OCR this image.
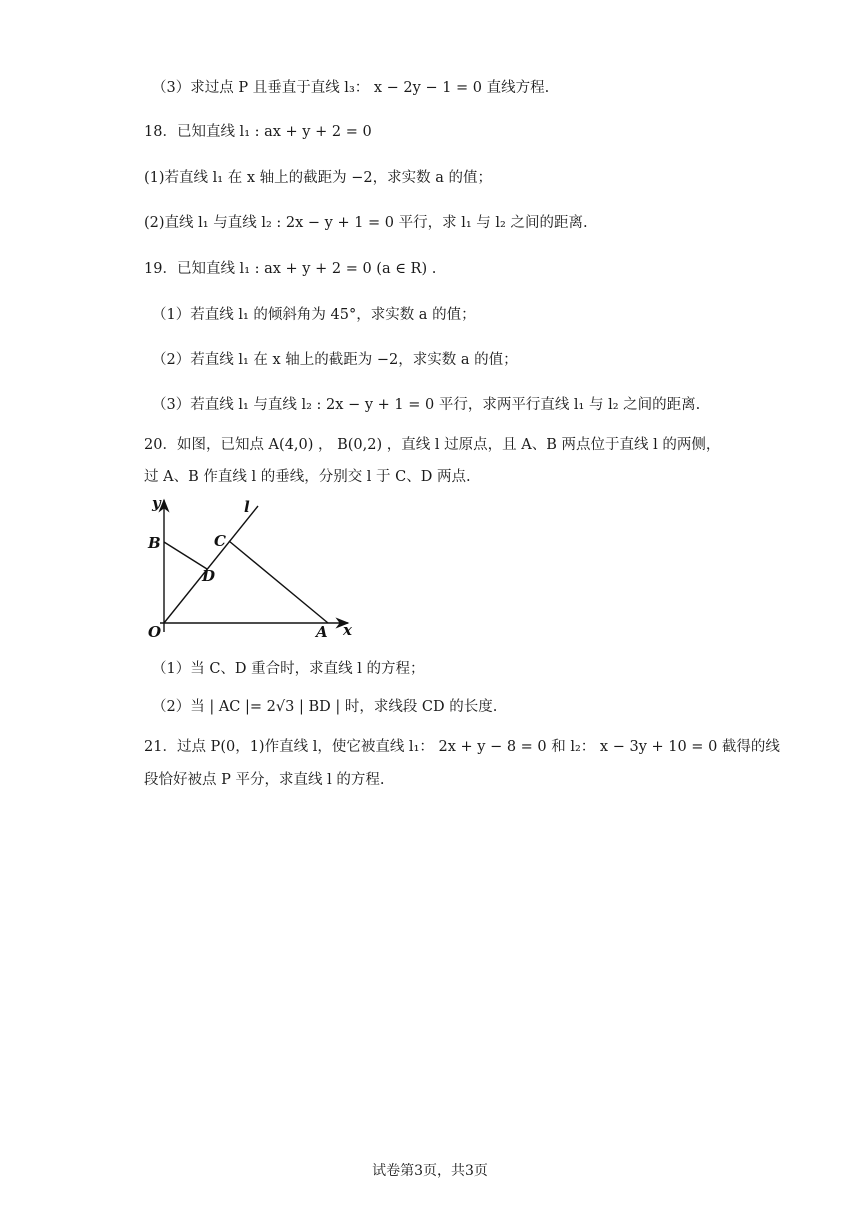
（3）求过点 P 且垂直于直线 l₃： x − 2y − 1 = 0 直线方程.
18．已知直线 l₁ : ax + y + 2 = 0
(1)若直线 l₁ 在 x 轴上的截距为 −2，求实数 a 的值；
(2)直线 l₁ 与直线 l₂ : 2x − y + 1 = 0 平行，求 l₁ 与 l₂ 之间的距离.
19．已知直线 l₁ : ax + y + 2 = 0 (a ∈ R) .
（1）若直线 l₁ 的倾斜角为 45°，求实数 a 的值；
（2）若直线 l₁ 在 x 轴上的截距为 −2，求实数 a 的值；
（3）若直线 l₁ 与直线 l₂ : 2x − y + 1 = 0 平行，求两平行直线 l₁ 与 l₂ 之间的距离.
20．如图，已知点 A(4,0) ， B(0,2) ，直线 l 过原点，且 A、B 两点位于直线 l 的两侧，
过 A、B 作直线 l 的垂线，分别交 l 于 C、D 两点.
y	l
B	C
D
O	A x
（1）当 C、D 重合时，求直线 l 的方程；
（2）当 | AC |= 2√3 | BD | 时，求线段 CD 的长度.
21．过点 P(0，1)作直线 l，使它被直线 l₁： 2x + y − 8 = 0 和 l₂： x − 3y + 10 = 0 截得的线
段恰好被点 P 平分，求直线 l 的方程.
试卷第3页，共3页
